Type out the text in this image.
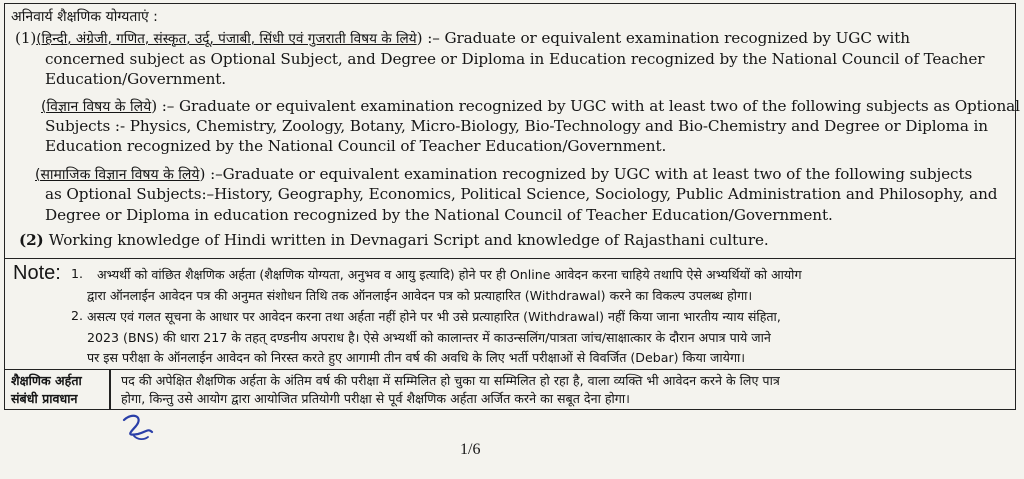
अनिवार्य शैक्षणिक योग्यताएं :
(1)(हिन्दी, अंग्रेजी, गणित, संस्कृत, उर्दू, पंजाबी, सिंधी एवं गुजराती विषय के लिये) :– Graduate or equivalent examination recognized by UGC with
concerned subject as Optional Subject, and Degree or Diploma in Education recognized by the National Council of Teacher
Education/Government.
(विज्ञान विषय के लिये) :– Graduate or equivalent examination recognized by UGC with at least two of the following subjects as Optional
Subjects :- Physics, Chemistry, Zoology, Botany, Micro-Biology, Bio-Technology and Bio-Chemistry and Degree or Diploma in
Education recognized by the National Council of Teacher Education/Government.
(सामाजिक विज्ञान विषय के लिये) :–Graduate or equivalent examination recognized by UGC with at least two of the following subjects
as Optional Subjects:–History, Geography, Economics, Political Science, Sociology, Public Administration and Philosophy, and
Degree or Diploma in education recognized by the National Council of Teacher Education/Government.
(2) Working knowledge of Hindi written in Devnagari Script and knowledge of Rajasthani culture.
Note: 1. अभ्यर्थी को वांछित शैक्षणिक अर्हता (शैक्षणिक योग्यता, अनुभव व आयु इत्यादि) होने पर ही Online आवेदन करना चाहिये तथापि ऐसे अभ्यर्थियों को आयोग
द्वारा ऑनलाईन आवेदन पत्र की अनुमत संशोधन तिथि तक ऑनलाईन आवेदन पत्र को प्रत्याहारित (Withdrawal) करने का विकल्प उपलब्ध होगा।
2. असत्य एवं गलत सूचना के आधार पर आवेदन करना तथा अर्हता नहीं होने पर भी उसे प्रत्याहारित (Withdrawal) नहीं किया जाना भारतीय न्याय संहिता,
2023 (BNS) की धारा 217 के तहत् दण्डनीय अपराध है। ऐसे अभ्यर्थी को कालान्तर में काउन्सलिंग/पात्रता जांच/साक्षात्कार के दौरान अपात्र पाये जाने
पर इस परीक्षा के ऑनलाईन आवेदन को निरस्त करते हुए आगामी तीन वर्ष की अवधि के लिए भर्ती परीक्षाओं से विवर्जित (Debar) किया जायेगा।
शैक्षणिक अर्हता
संबंधी प्रावधान
पद की अपेक्षित शैक्षणिक अर्हता के अंतिम वर्ष की परीक्षा में सम्मिलित हो चुका या सम्मिलित हो रहा है, वाला व्यक्ति भी आवेदन करने के लिए पात्र
होगा, किन्तु उसे आयोग द्वारा आयोजित प्रतियोगी परीक्षा से पूर्व शैक्षणिक अर्हता अर्जित करने का सबूत देना होगा।
1/6
